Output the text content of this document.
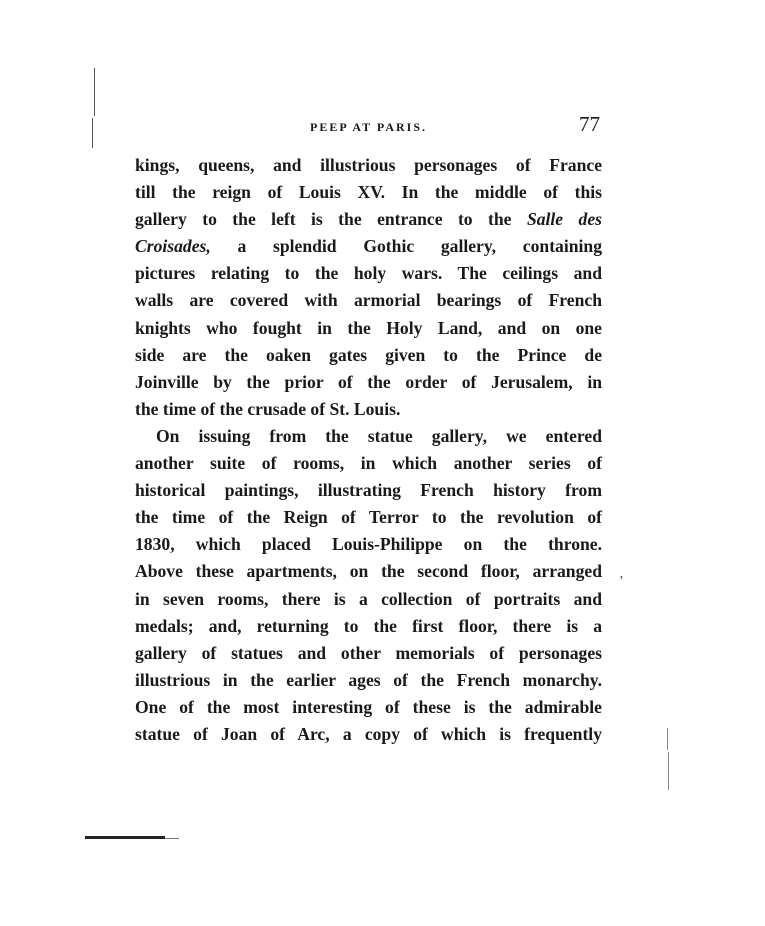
PEEP AT PARIS.	77
kings, queens, and illustrious personages of France
till the reign of Louis XV. In the middle of this
gallery to the left is the entrance to the Salle des
Croisades, a splendid Gothic gallery, containing
pictures relating to the holy wars. The ceilings and
walls are covered with armorial bearings of French
knights who fought in the Holy Land, and on one
side are the oaken gates given to the Prince de
Joinville by the prior of the order of Jerusalem, in
the time of the crusade of St. Louis.
On issuing from the statue gallery, we entered
another suite of rooms, in which another series of
historical paintings, illustrating French history from
the time of the Reign of Terror to the revolution of
1830, which placed Louis-Philippe on the throne.
Above these apartments, on the second floor, arranged
in seven rooms, there is a collection of portraits and
medals; and, returning to the first floor, there is a
gallery of statues and other memorials of personages
illustrious in the earlier ages of the French monarchy.
One of the most interesting of these is the admirable
statue of Joan of Arc, a copy of which is frequently
’
